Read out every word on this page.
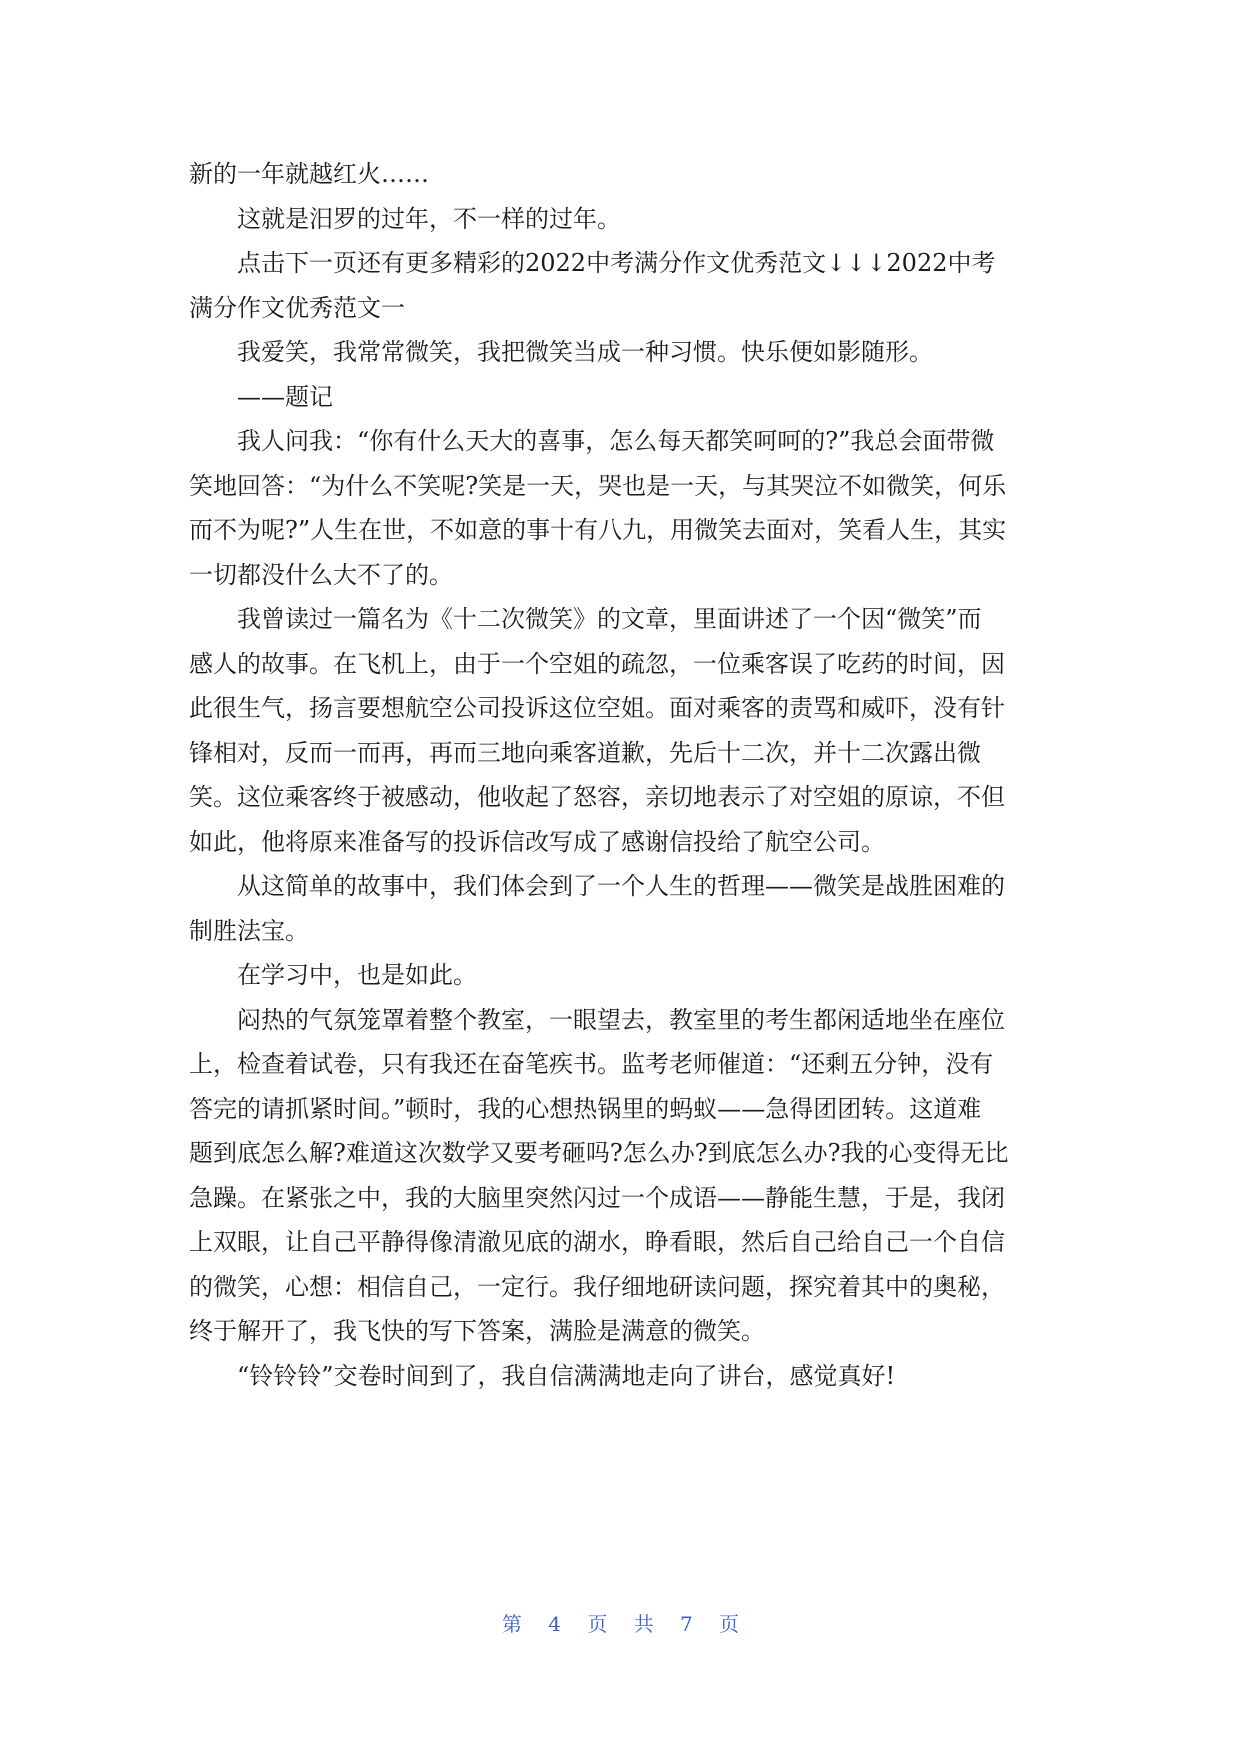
新的一年就越红火……
这就是汨罗的过年，不一样的过年。
点击下一页还有更多精彩的2022中考满分作文优秀范文↓↓↓2022中考
满分作文优秀范文一
我爱笑，我常常微笑，我把微笑当成一种习惯。快乐便如影随形。
——题记
我人问我：“你有什么天大的喜事，怎么每天都笑呵呵的?”我总会面带微
笑地回答：“为什么不笑呢?笑是一天，哭也是一天，与其哭泣不如微笑，何乐
而不为呢?”人生在世，不如意的事十有八九，用微笑去面对，笑看人生，其实
一切都没什么大不了的。
我曾读过一篇名为《十二次微笑》的文章，里面讲述了一个因“微笑”而
感人的故事。在飞机上，由于一个空姐的疏忽，一位乘客误了吃药的时间，因
此很生气，扬言要想航空公司投诉这位空姐。面对乘客的责骂和威吓，没有针
锋相对，反而一而再，再而三地向乘客道歉，先后十二次，并十二次露出微
笑。这位乘客终于被感动，他收起了怒容，亲切地表示了对空姐的原谅，不但
如此，他将原来准备写的投诉信改写成了感谢信投给了航空公司。
从这简单的故事中，我们体会到了一个人生的哲理——微笑是战胜困难的
制胜法宝。
在学习中，也是如此。
闷热的气氛笼罩着整个教室，一眼望去，教室里的考生都闲适地坐在座位
上，检查着试卷，只有我还在奋笔疾书。监考老师催道：“还剩五分钟，没有
答完的请抓紧时间。”顿时，我的心想热锅里的蚂蚁——急得团团转。这道难
题到底怎么解?难道这次数学又要考砸吗?怎么办?到底怎么办?我的心变得无比
急躁。在紧张之中，我的大脑里突然闪过一个成语——静能生慧，于是，我闭
上双眼，让自己平静得像清澈见底的湖水，睁看眼，然后自己给自己一个自信
的微笑，心想：相信自己，一定行。我仔细地研读问题，探究着其中的奥秘，
终于解开了，我飞快的写下答案，满脸是满意的微笑。
“铃铃铃”交卷时间到了，我自信满满地走向了讲台，感觉真好!
第 4 页 共 7 页
